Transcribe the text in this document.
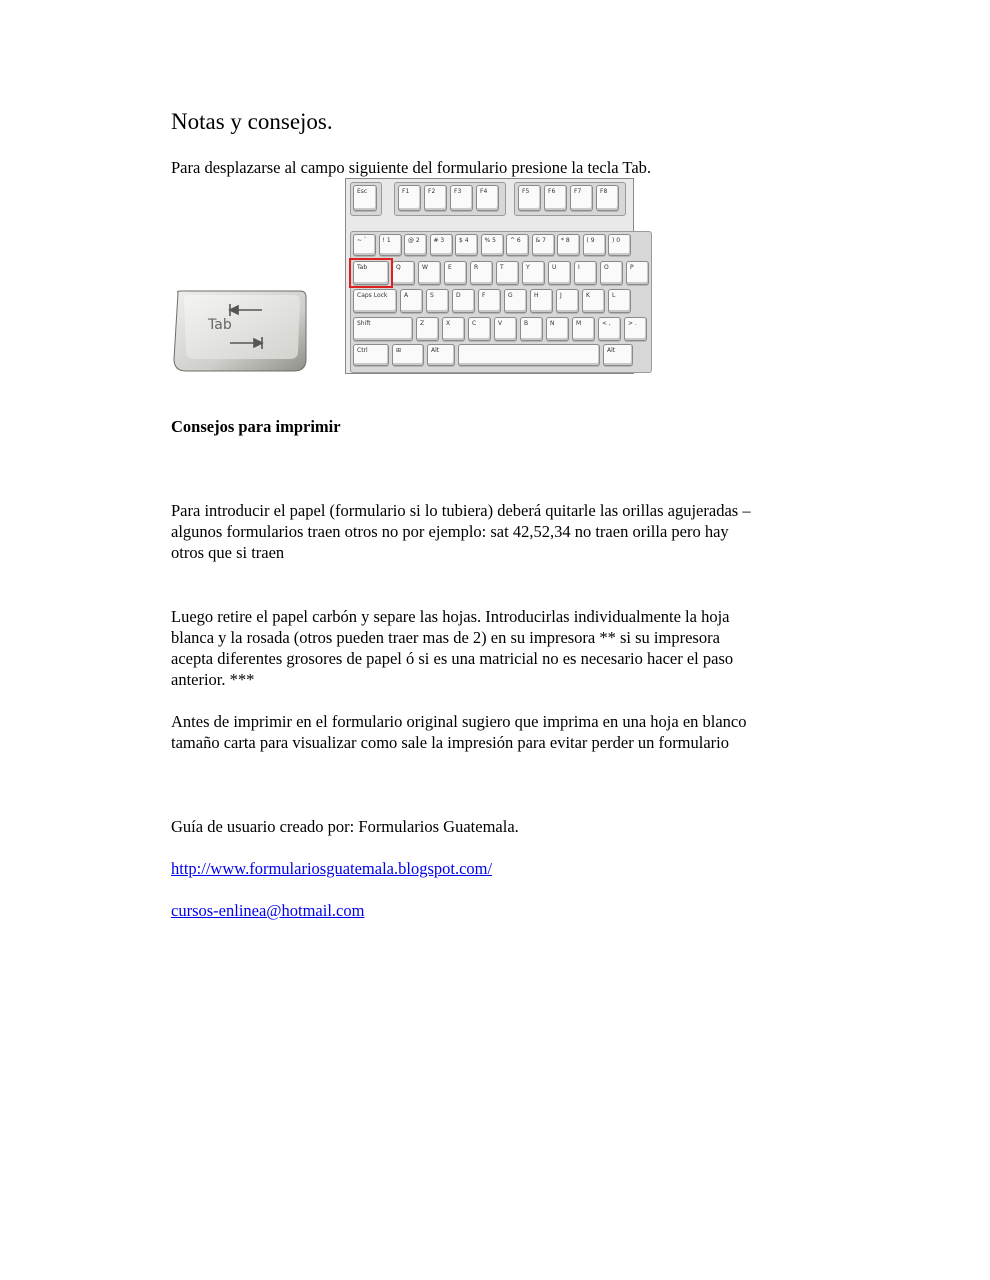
Notas y consejos.

Para desplazarse al campo siguiente del formulario presione la tecla Tab.

Consejos para imprimir

Para introducir el papel (formulario si lo tubiera) deberá quitarle las orillas agujeradas –
algunos formularios traen otros no por ejemplo: sat 42,52,34 no traen orilla pero hay
otros que si traen

Luego retire el papel carbón y separe las hojas. Introducirlas individualmente la hoja
blanca y la rosada (otros pueden traer mas de 2) en su impresora ** si su impresora
acepta diferentes grosores de papel ó si es una matricial no es necesario hacer el paso
anterior. ***

Antes de imprimir en el formulario original sugiero que imprima en una hoja en blanco
tamaño carta para visualizar como sale la impresión para evitar perder un formulario

Guía de usuario creado por: Formularios Guatemala.

http://www.formulariosguatemala.blogspot.com/

cursos-enlinea@hotmail.com

Tab
Esc	F1	F2	F3	F4	F5	F6	F7	F8
~ `	! 1	@ 2	# 3	$ 4	% 5	^ 6	& 7	* 8	( 9	) 0
Tab	Q	W	E	R	T	Y	U	I	O	P
Caps Lock	A	S	D	F	G	H	J	K	L
Shift	Z	X	C	V	B	N	M	< ,	> .
Ctrl	⊞	Alt	Alt
